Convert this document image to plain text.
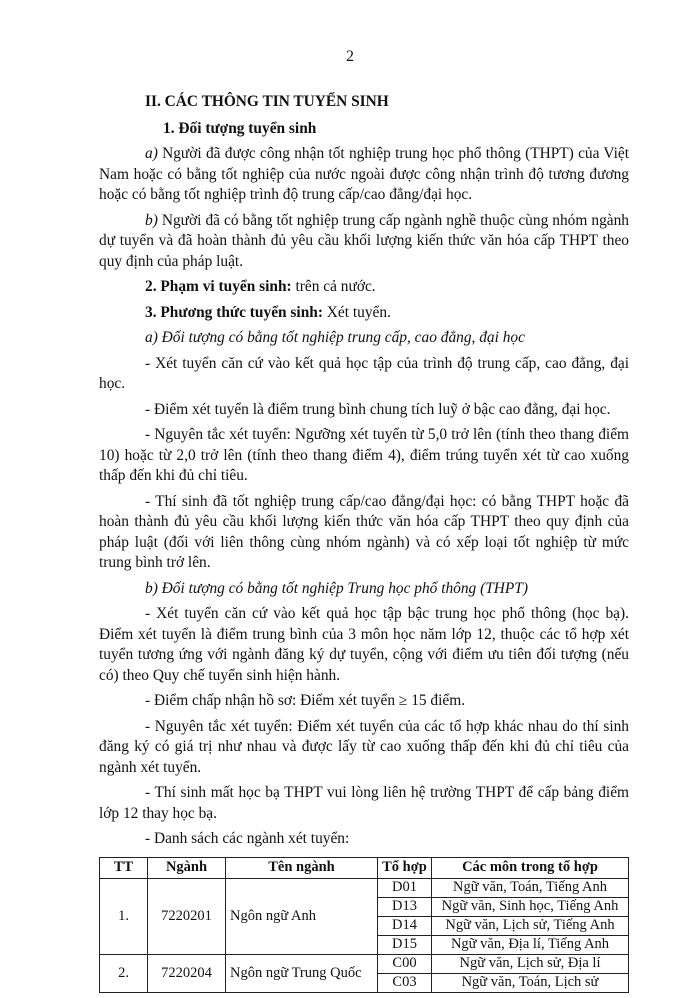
2

II. CÁC THÔNG TIN TUYỂN SINH

1. Đối tượng tuyển sinh

a) Người đã được công nhận tốt nghiệp trung học phổ thông (THPT) của Việt Nam hoặc có bằng tốt nghiệp của nước ngoài được công nhận trình độ tương đương hoặc có bằng tốt nghiệp trình độ trung cấp/cao đẳng/đại học.

b) Người đã có bằng tốt nghiệp trung cấp ngành nghề thuộc cùng nhóm ngành dự tuyển và đã hoàn thành đủ yêu cầu khối lượng kiến thức văn hóa cấp THPT theo quy định của pháp luật.

2. Phạm vi tuyển sinh: trên cả nước.

3. Phương thức tuyển sinh: Xét tuyển.

a) Đối tượng có bằng tốt nghiệp trung cấp, cao đẳng, đại học

- Xét tuyển căn cứ vào kết quả học tập của trình độ trung cấp, cao đẳng, đại học.

- Điểm xét tuyển là điểm trung bình chung tích luỹ ở bậc cao đẳng, đại học.

- Nguyên tắc xét tuyển: Ngưỡng xét tuyển từ 5,0 trở lên (tính theo thang điểm 10) hoặc từ 2,0 trở lên (tính theo thang điểm 4), điểm trúng tuyển xét từ cao xuống thấp đến khi đủ chỉ tiêu.

- Thí sinh đã tốt nghiệp trung cấp/cao đẳng/đại học: có bằng THPT hoặc đã hoàn thành đủ yêu cầu khối lượng kiến thức văn hóa cấp THPT theo quy định của pháp luật (đối với liên thông cùng nhóm ngành) và có xếp loại tốt nghiệp từ mức trung bình trở lên.

b) Đối tượng có bằng tốt nghiệp Trung học phổ thông (THPT)

- Xét tuyển căn cứ vào kết quả học tập bậc trung học phổ thông (học bạ). Điểm xét tuyển là điểm trung bình của 3 môn học năm lớp 12, thuộc các tổ hợp xét tuyển tương ứng với ngành đăng ký dự tuyển, cộng với điểm ưu tiên đối tượng (nếu có) theo Quy chế tuyển sinh hiện hành.

- Điểm chấp nhận hồ sơ: Điểm xét tuyển ≥ 15 điểm.

- Nguyên tắc xét tuyển: Điểm xét tuyển của các tổ hợp khác nhau do thí sinh đăng ký có giá trị như nhau và được lấy từ cao xuống thấp đến khi đủ chỉ tiêu của ngành xét tuyển.

- Thí sinh mất học bạ THPT vui lòng liên hệ trường THPT để cấp bảng điểm lớp 12 thay học bạ.

- Danh sách các ngành xét tuyển:

TT	Ngành	Tên ngành	Tổ hợp	Các môn trong tổ hợp
1.	7220201	Ngôn ngữ Anh	D01	Ngữ văn, Toán, Tiếng Anh
			D13	Ngữ văn, Sinh học, Tiếng Anh
			D14	Ngữ văn, Lịch sử, Tiếng Anh
			D15	Ngữ văn, Địa lí, Tiếng Anh
2.	7220204	Ngôn ngữ Trung Quốc	C00	Ngữ văn, Lịch sử, Địa lí
			C03	Ngữ văn, Toán, Lịch sử
